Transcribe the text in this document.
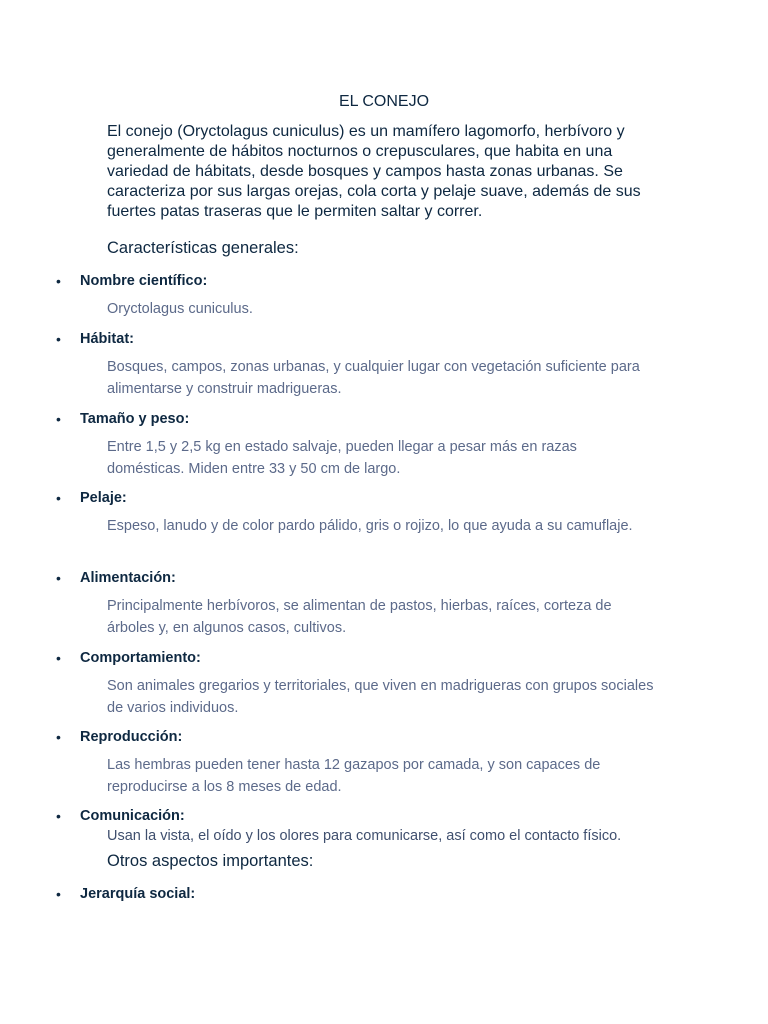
EL CONEJO

El conejo (Oryctolagus cuniculus) es un mamífero lagomorfo, herbívoro y generalmente de hábitos nocturnos o crepusculares, que habita en una variedad de hábitats, desde bosques y campos hasta zonas urbanas. Se caracteriza por sus largas orejas, cola corta y pelaje suave, además de sus fuertes patas traseras que le permiten saltar y correr.

Características generales:
• Nombre científico:

Oryctolagus cuniculus.

• Hábitat:

Bosques, campos, zonas urbanas, y cualquier lugar con vegetación suficiente para alimentarse y construir madrigueras.

• Tamaño y peso:

Entre 1,5 y 2,5 kg en estado salvaje, pueden llegar a pesar más en razas domésticas. Miden entre 33 y 50 cm de largo.

• Pelaje:

Espeso, lanudo y de color pardo pálido, gris o rojizo, lo que ayuda a su camuflaje.

• Alimentación:

Principalmente herbívoros, se alimentan de pastos, hierbas, raíces, corteza de árboles y, en algunos casos, cultivos.

• Comportamiento:

Son animales gregarios y territoriales, que viven en madrigueras con grupos sociales de varios individuos.

• Reproducción:

Las hembras pueden tener hasta 12 gazapos por camada, y son capaces de reproducirse a los 8 meses de edad.

• Comunicación:

Usan la vista, el oído y los olores para comunicarse, así como el contacto físico.

Otros aspectos importantes:
• Jerarquía social:
